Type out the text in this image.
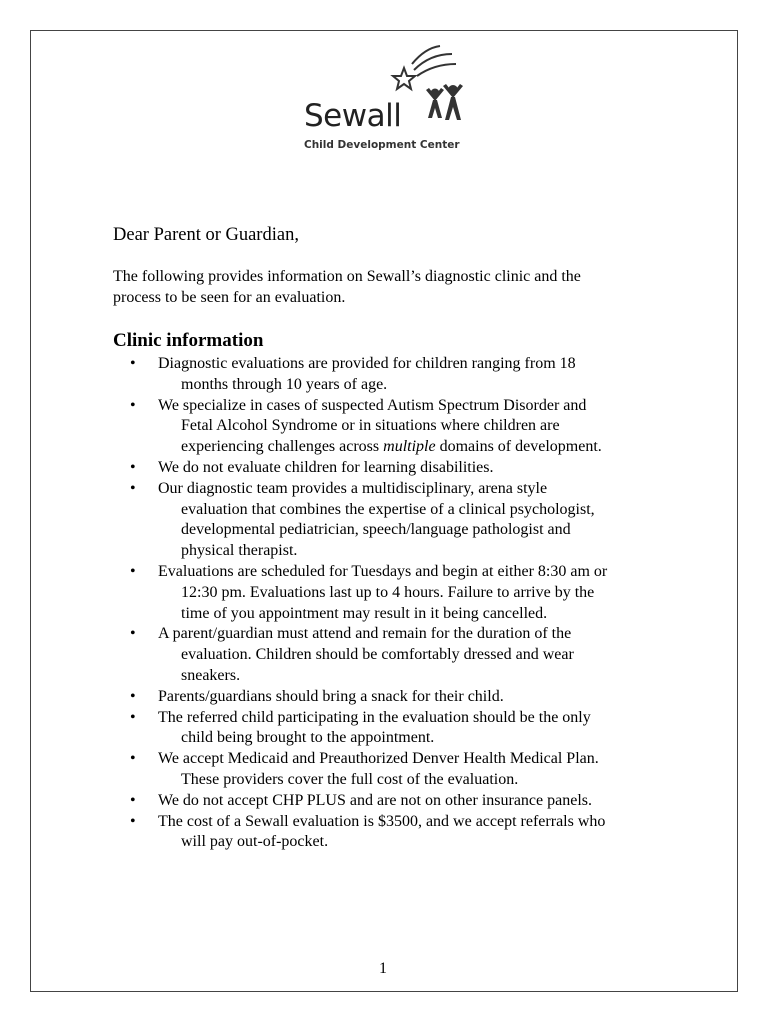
Sewall
Child Development Center
Dear Parent or Guardian,
The following provides information on Sewall’s diagnostic clinic and the
process to be seen for an evaluation.
Clinic information
• Diagnostic evaluations are provided for children ranging from 18
months through 10 years of age.
• We specialize in cases of suspected Autism Spectrum Disorder and
Fetal Alcohol Syndrome or in situations where children are
experiencing challenges across multiple domains of development.
• We do not evaluate children for learning disabilities.
• Our diagnostic team provides a multidisciplinary, arena style
evaluation that combines the expertise of a clinical psychologist,
developmental pediatrician, speech/language pathologist and
physical therapist.
• Evaluations are scheduled for Tuesdays and begin at either 8:30 am or
12:30 pm. Evaluations last up to 4 hours. Failure to arrive by the
time of you appointment may result in it being cancelled.
• A parent/guardian must attend and remain for the duration of the
evaluation. Children should be comfortably dressed and wear
sneakers.
• Parents/guardians should bring a snack for their child.
• The referred child participating in the evaluation should be the only
child being brought to the appointment.
• We accept Medicaid and Preauthorized Denver Health Medical Plan.
These providers cover the full cost of the evaluation.
• We do not accept CHP PLUS and are not on other insurance panels.
• The cost of a Sewall evaluation is $3500, and we accept referrals who
will pay out-of-pocket.
1
